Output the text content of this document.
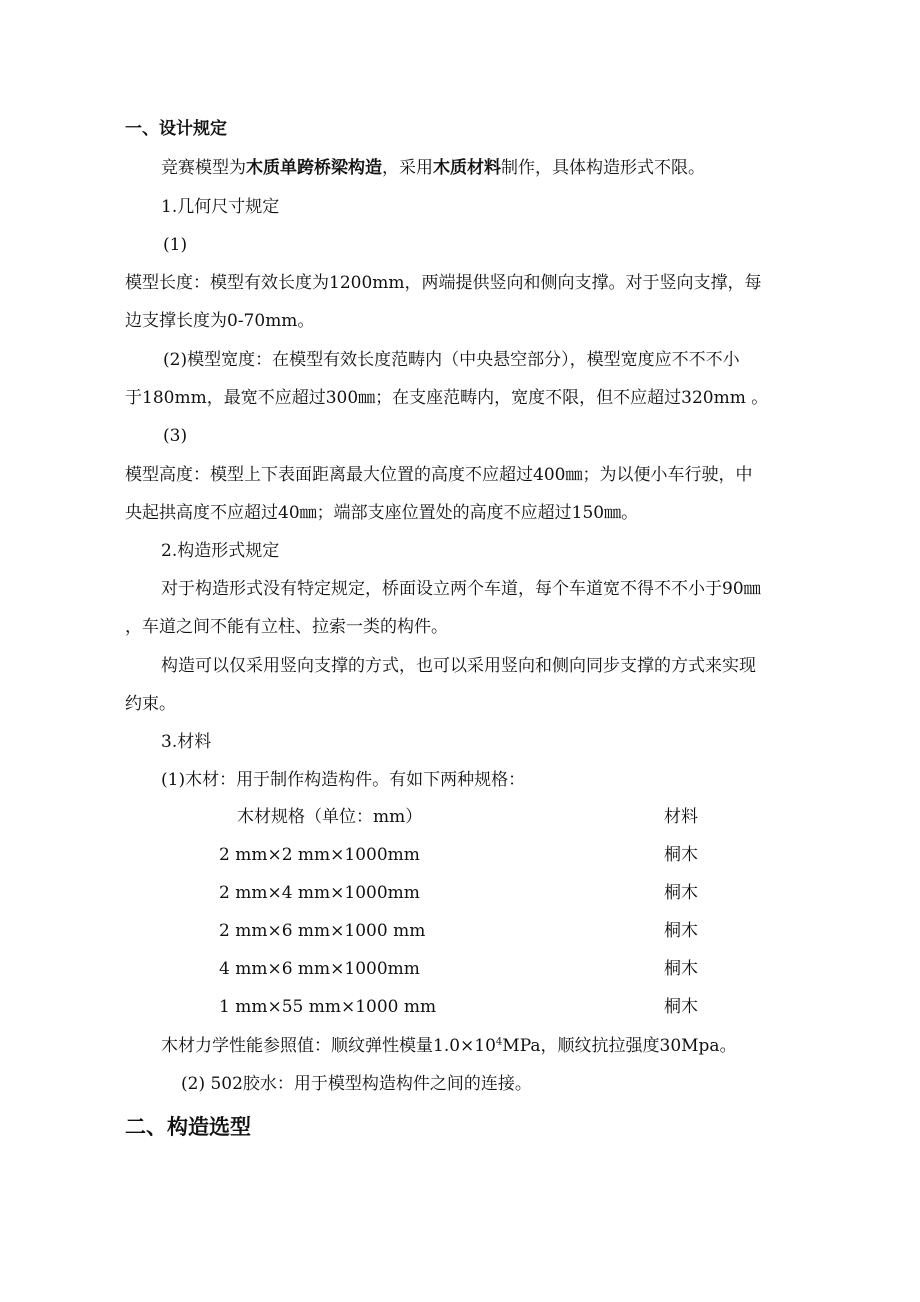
一、设计规定
竞赛模型为木质单跨桥梁构造，采用木质材料制作，具体构造形式不限。
1.几何尺寸规定
(1)
模型长度：模型有效长度为1200mm，两端提供竖向和侧向支撑。对于竖向支撑，每
边支撑长度为0-70mm。
(2)模型宽度：在模型有效长度范畴内（中央悬空部分），模型宽度应不不不小
于180mm，最宽不应超过300㎜；在支座范畴内，宽度不限，但不应超过320mm 。
(3)
模型高度：模型上下表面距离最大位置的高度不应超过400㎜；为以便小车行驶，中
央起拱高度不应超过40㎜；端部支座位置处的高度不应超过150㎜。
2.构造形式规定
对于构造形式没有特定规定，桥面设立两个车道，每个车道宽不得不不小于90㎜
，车道之间不能有立柱、拉索一类的构件。
构造可以仅采用竖向支撑的方式，也可以采用竖向和侧向同步支撑的方式来实现
约束。
3.材料
(1)木材：用于制作构造构件。有如下两种规格：
木材规格（单位：mm）	材料
2 mm×2 mm×1000mm	桐木
2 mm×4 mm×1000mm	桐木
2 mm×6 mm×1000 mm	桐木
4 mm×6 mm×1000mm	桐木
1 mm×55 mm×1000 mm	桐木
木材力学性能参照值：顺纹弹性模量$1.0\times 10^4MPa$，顺纹抗拉强度30Mpa。
(2) 502胶水：用于模型构造构件之间的连接。
二、构造选型
